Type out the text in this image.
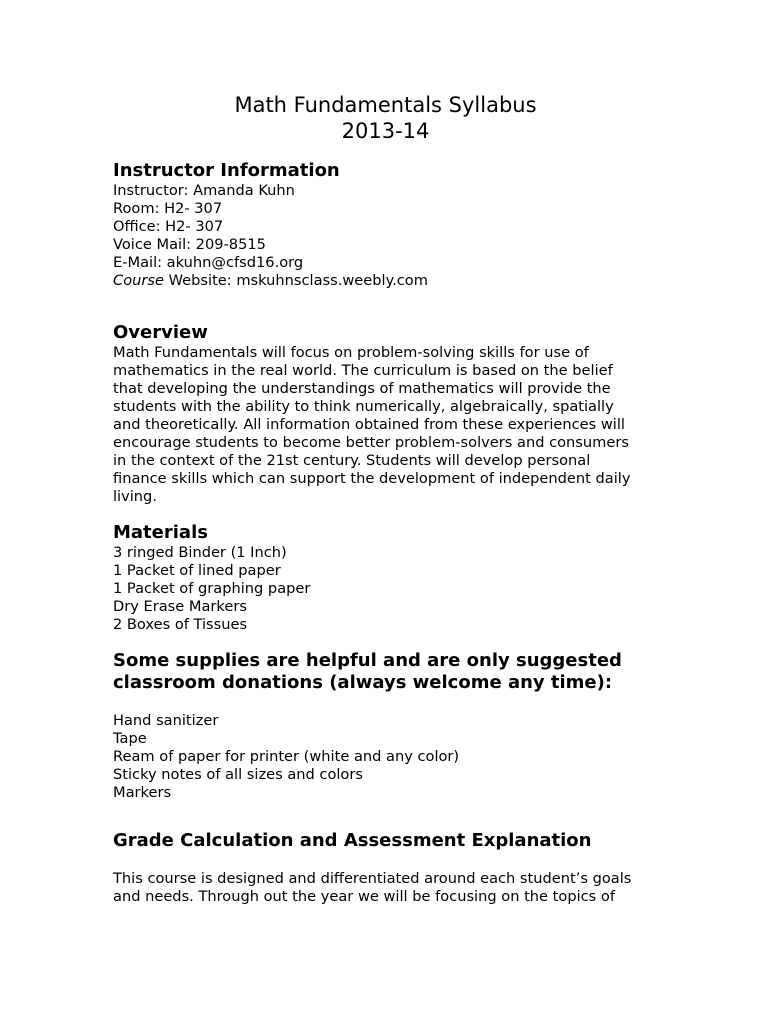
Math Fundamentals Syllabus

2013-14

Instructor Information

Instructor: Amanda Kuhn

Room: H2- 307

Office: H2- 307

Voice Mail: 209-8515

E-Mail: akuhn@cfsd16.org

Course Website: mskuhnsclass.weebly.com

Overview
Math Fundamentals will focus on problem-solving skills for use of
mathematics in the real world. The curriculum is based on the belief
that developing the understandings of mathematics will provide the
students with the ability to think numerically, algebraically, spatially
and theoretically. All information obtained from these experiences will
encourage students to become better problem-solvers and consumers
in the context of the 21st century. Students will develop personal
finance skills which can support the development of independent daily
living.
Materials

3 ringed Binder (1 Inch)

1 Packet of lined paper

1 Packet of graphing paper

Dry Erase Markers

2 Boxes of Tissues

Some supplies are helpful and are only suggested
classroom donations (always welcome any time):

Hand sanitizer

Tape

Ream of paper for printer (white and any color)

Sticky notes of all sizes and colors

Markers

Grade Calculation and Assessment Explanation
This course is designed and differentiated around each student’s goals
and needs. Through out the year we will be focusing on the topics of
